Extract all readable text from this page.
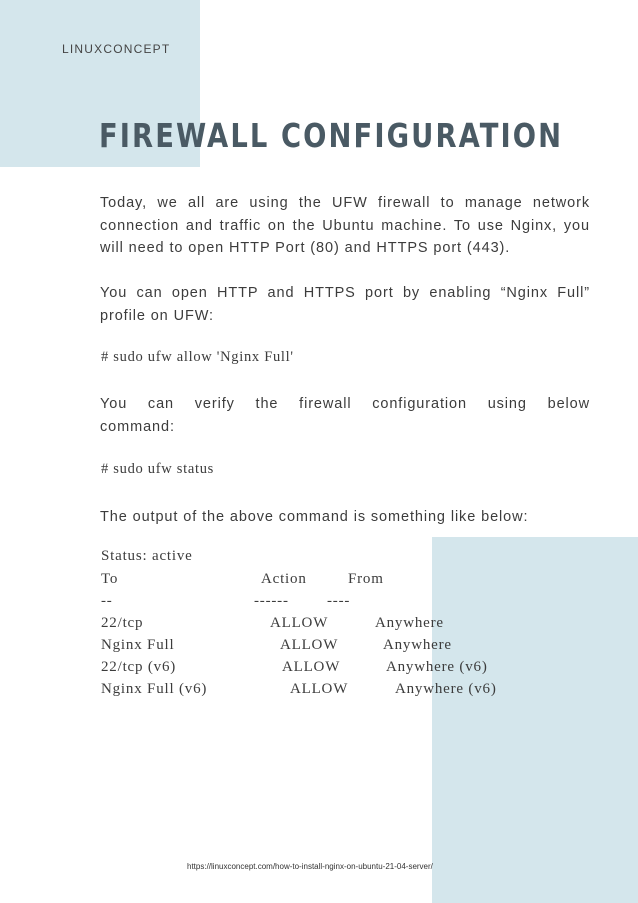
LINUXCONCEPT
FIREWALL CONFIGURATION

Today, we all are using the UFW firewall to manage network connection and traffic on the Ubuntu machine. To use Nginx, you will need to open HTTP Port (80) and HTTPS port (443).

You can open HTTP and HTTPS port by enabling “Nginx Full” profile on UFW:

# sudo ufw allow 'Nginx Full'

You can verify the firewall configuration using below
command:

# sudo ufw status

The output of the above command is something like below:

Status: active
To	Action	From
--	------	----
22/tcp	ALLOW	Anywhere
Nginx Full	ALLOW	Anywhere
22/tcp (v6)	ALLOW	Anywhere (v6)
Nginx Full (v6)	ALLOW	Anywhere (v6)
https://linuxconcept.com/how-to-install-nginx-on-ubuntu-21-04-server/
